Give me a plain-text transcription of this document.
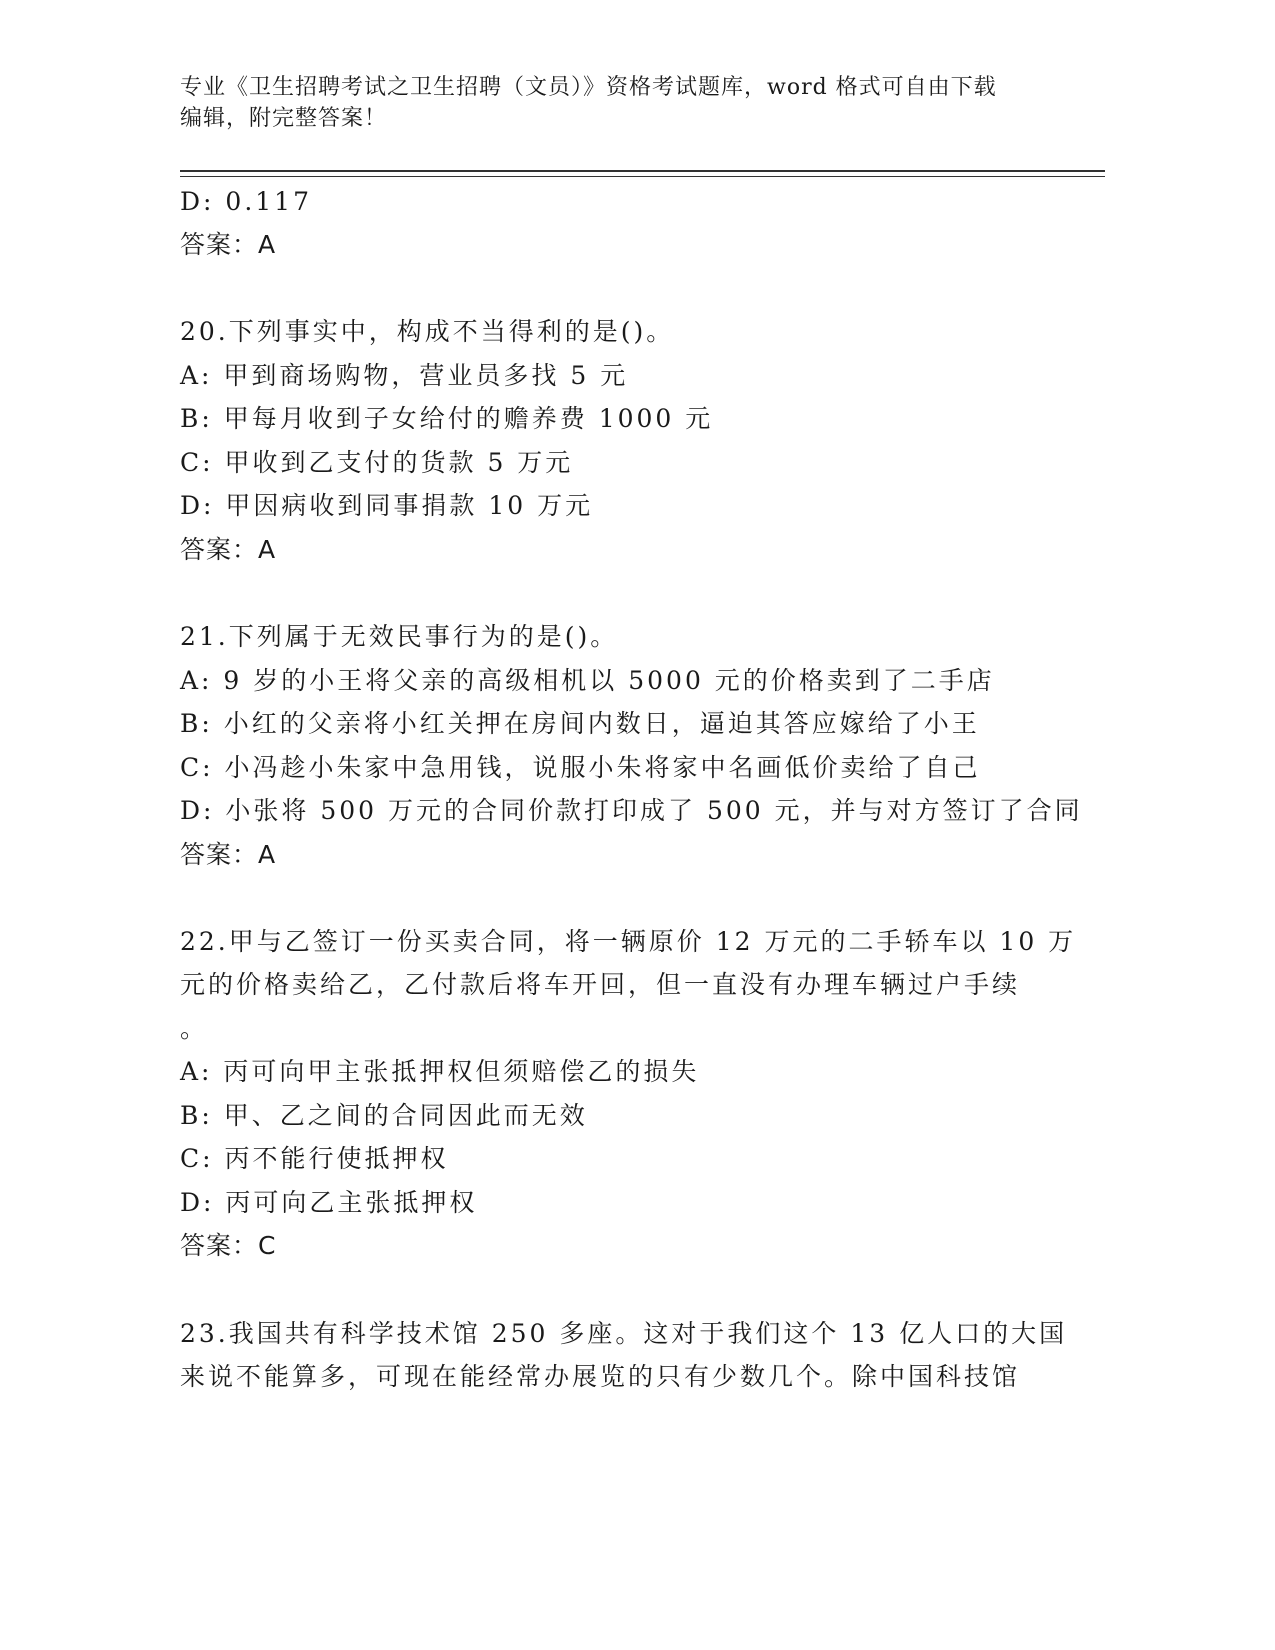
专业《卫生招聘考试之卫生招聘（文员）》资格考试题库，word 格式可自由下载
编辑，附完整答案！
D: 0.117
答案：A
20.下列事实中，构成不当得利的是()。
A: 甲到商场购物，营业员多找 5 元
B: 甲每月收到子女给付的赡养费 1000 元
C: 甲收到乙支付的货款 5 万元
D: 甲因病收到同事捐款 10 万元
答案：A
21.下列属于无效民事行为的是()。
A: 9 岁的小王将父亲的高级相机以 5000 元的价格卖到了二手店
B: 小红的父亲将小红关押在房间内数日，逼迫其答应嫁给了小王
C: 小冯趁小朱家中急用钱，说服小朱将家中名画低价卖给了自己
D: 小张将 500 万元的合同价款打印成了 500 元，并与对方签订了合同
答案：A
22.甲与乙签订一份买卖合同，将一辆原价 12 万元的二手轿车以 10 万
元的价格卖给乙，乙付款后将车开回，但一直没有办理车辆过户手续
。
A: 丙可向甲主张抵押权但须赔偿乙的损失
B: 甲、乙之间的合同因此而无效
C: 丙不能行使抵押权
D: 丙可向乙主张抵押权
答案：C
23.我国共有科学技术馆 250 多座。这对于我们这个 13 亿人口的大国
来说不能算多，可现在能经常办展览的只有少数几个。除中国科技馆
